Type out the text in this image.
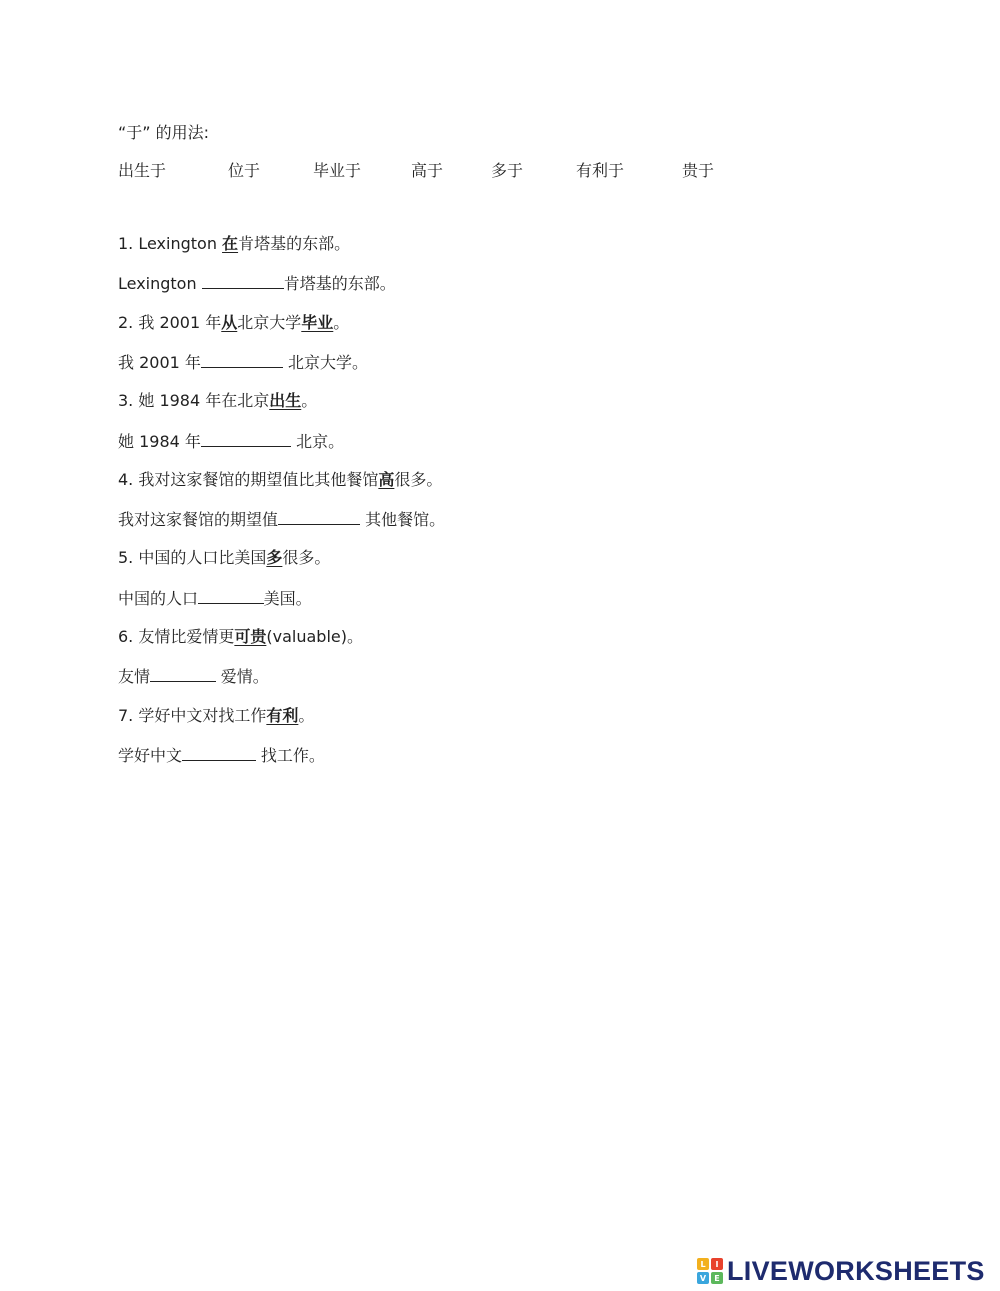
“于” 的用法:
出生于	位于	毕业于	高于	多于	有利于	贵于
1. Lexington 在肯塔基的东部。
Lexington	肯塔基的东部。
2. 我 2001 年从北京大学毕业。
我 2001 年	北京大学。
3. 她 1984 年在北京出生。
她 1984 年	北京。
4. 我对这家餐馆的期望值比其他餐馆高很多。
我对这家餐馆的期望值	其他餐馆。
5. 中国的人口比美国多很多。
中国的人口	美国。
6. 友情比爱情更可贵(valuable)。
友情	爱情。
7. 学好中文对找工作有利。
学好中文	找工作。
L	I
V	E LIVEWORKSHEETS
